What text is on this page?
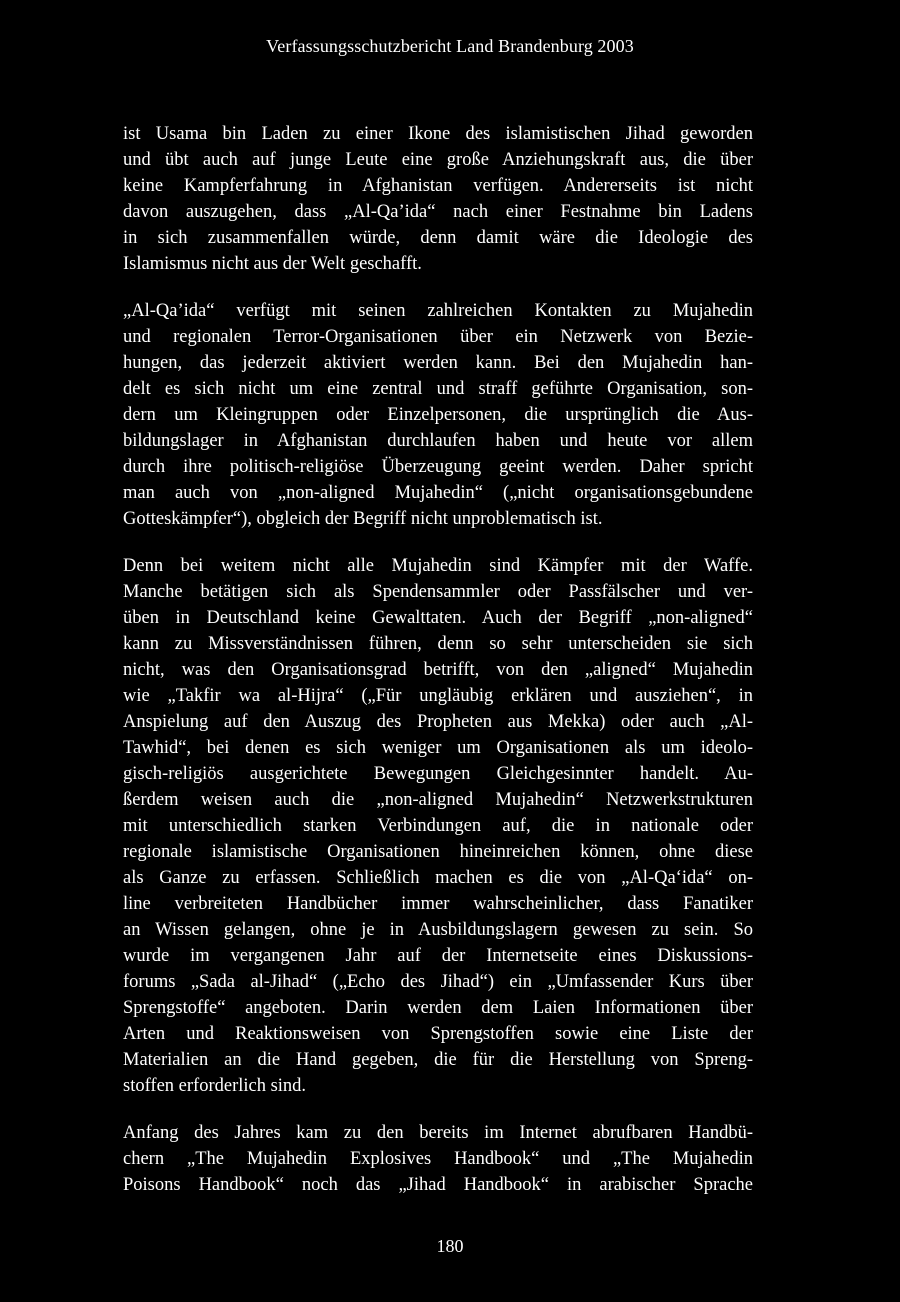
Verfassungsschutzbericht Land Brandenburg 2003
ist Usama bin Laden zu einer Ikone des islamistischen Jihad geworden
und übt auch auf junge Leute eine große Anziehungskraft aus, die über
keine Kampferfahrung in Afghanistan verfügen. Andererseits ist nicht
davon auszugehen, dass „Al-Qa’ida“ nach einer Festnahme bin Ladens
in sich zusammenfallen würde, denn damit wäre die Ideologie des
Islamismus nicht aus der Welt geschafft.
„Al-Qa’ida“ verfügt mit seinen zahlreichen Kontakten zu Mujahedin
und regionalen Terror-Organisationen über ein Netzwerk von Bezie-
hungen, das jederzeit aktiviert werden kann. Bei den Mujahedin han-
delt es sich nicht um eine zentral und straff geführte Organisation, son-
dern um Kleingruppen oder Einzelpersonen, die ursprünglich die Aus-
bildungslager in Afghanistan durchlaufen haben und heute vor allem
durch ihre politisch-religiöse Überzeugung geeint werden. Daher spricht
man auch von „non-aligned Mujahedin“ („nicht organisationsgebundene
Gotteskämpfer“), obgleich der Begriff nicht unproblematisch ist.
Denn bei weitem nicht alle Mujahedin sind Kämpfer mit der Waffe.
Manche betätigen sich als Spendensammler oder Passfälscher und ver-
üben in Deutschland keine Gewalttaten. Auch der Begriff „non-aligned“
kann zu Missverständnissen führen, denn so sehr unterscheiden sie sich
nicht, was den Organisationsgrad betrifft, von den „aligned“ Mujahedin
wie „Takfir wa al-Hijra“ („Für ungläubig erklären und ausziehen“, in
Anspielung auf den Auszug des Propheten aus Mekka) oder auch „Al-
Tawhid“, bei denen es sich weniger um Organisationen als um ideolo-
gisch-religiös ausgerichtete Bewegungen Gleichgesinnter handelt. Au-
ßerdem weisen auch die „non-aligned Mujahedin“ Netzwerkstrukturen
mit unterschiedlich starken Verbindungen auf, die in nationale oder
regionale islamistische Organisationen hineinreichen können, ohne diese
als Ganze zu erfassen. Schließlich machen es die von „Al-Qa‘ida“ on-
line verbreiteten Handbücher immer wahrscheinlicher, dass Fanatiker
an Wissen gelangen, ohne je in Ausbildungslagern gewesen zu sein. So
wurde im vergangenen Jahr auf der Internetseite eines Diskussions-
forums „Sada al-Jihad“ („Echo des Jihad“) ein „Umfassender Kurs über
Sprengstoffe“ angeboten. Darin werden dem Laien Informationen über
Arten und Reaktionsweisen von Sprengstoffen sowie eine Liste der
Materialien an die Hand gegeben, die für die Herstellung von Spreng-
stoffen erforderlich sind.
Anfang des Jahres kam zu den bereits im Internet abrufbaren Handbü-
chern „The Mujahedin Explosives Handbook“ und „The Mujahedin
Poisons Handbook“ noch das „Jihad Handbook“ in arabischer Sprache
180
